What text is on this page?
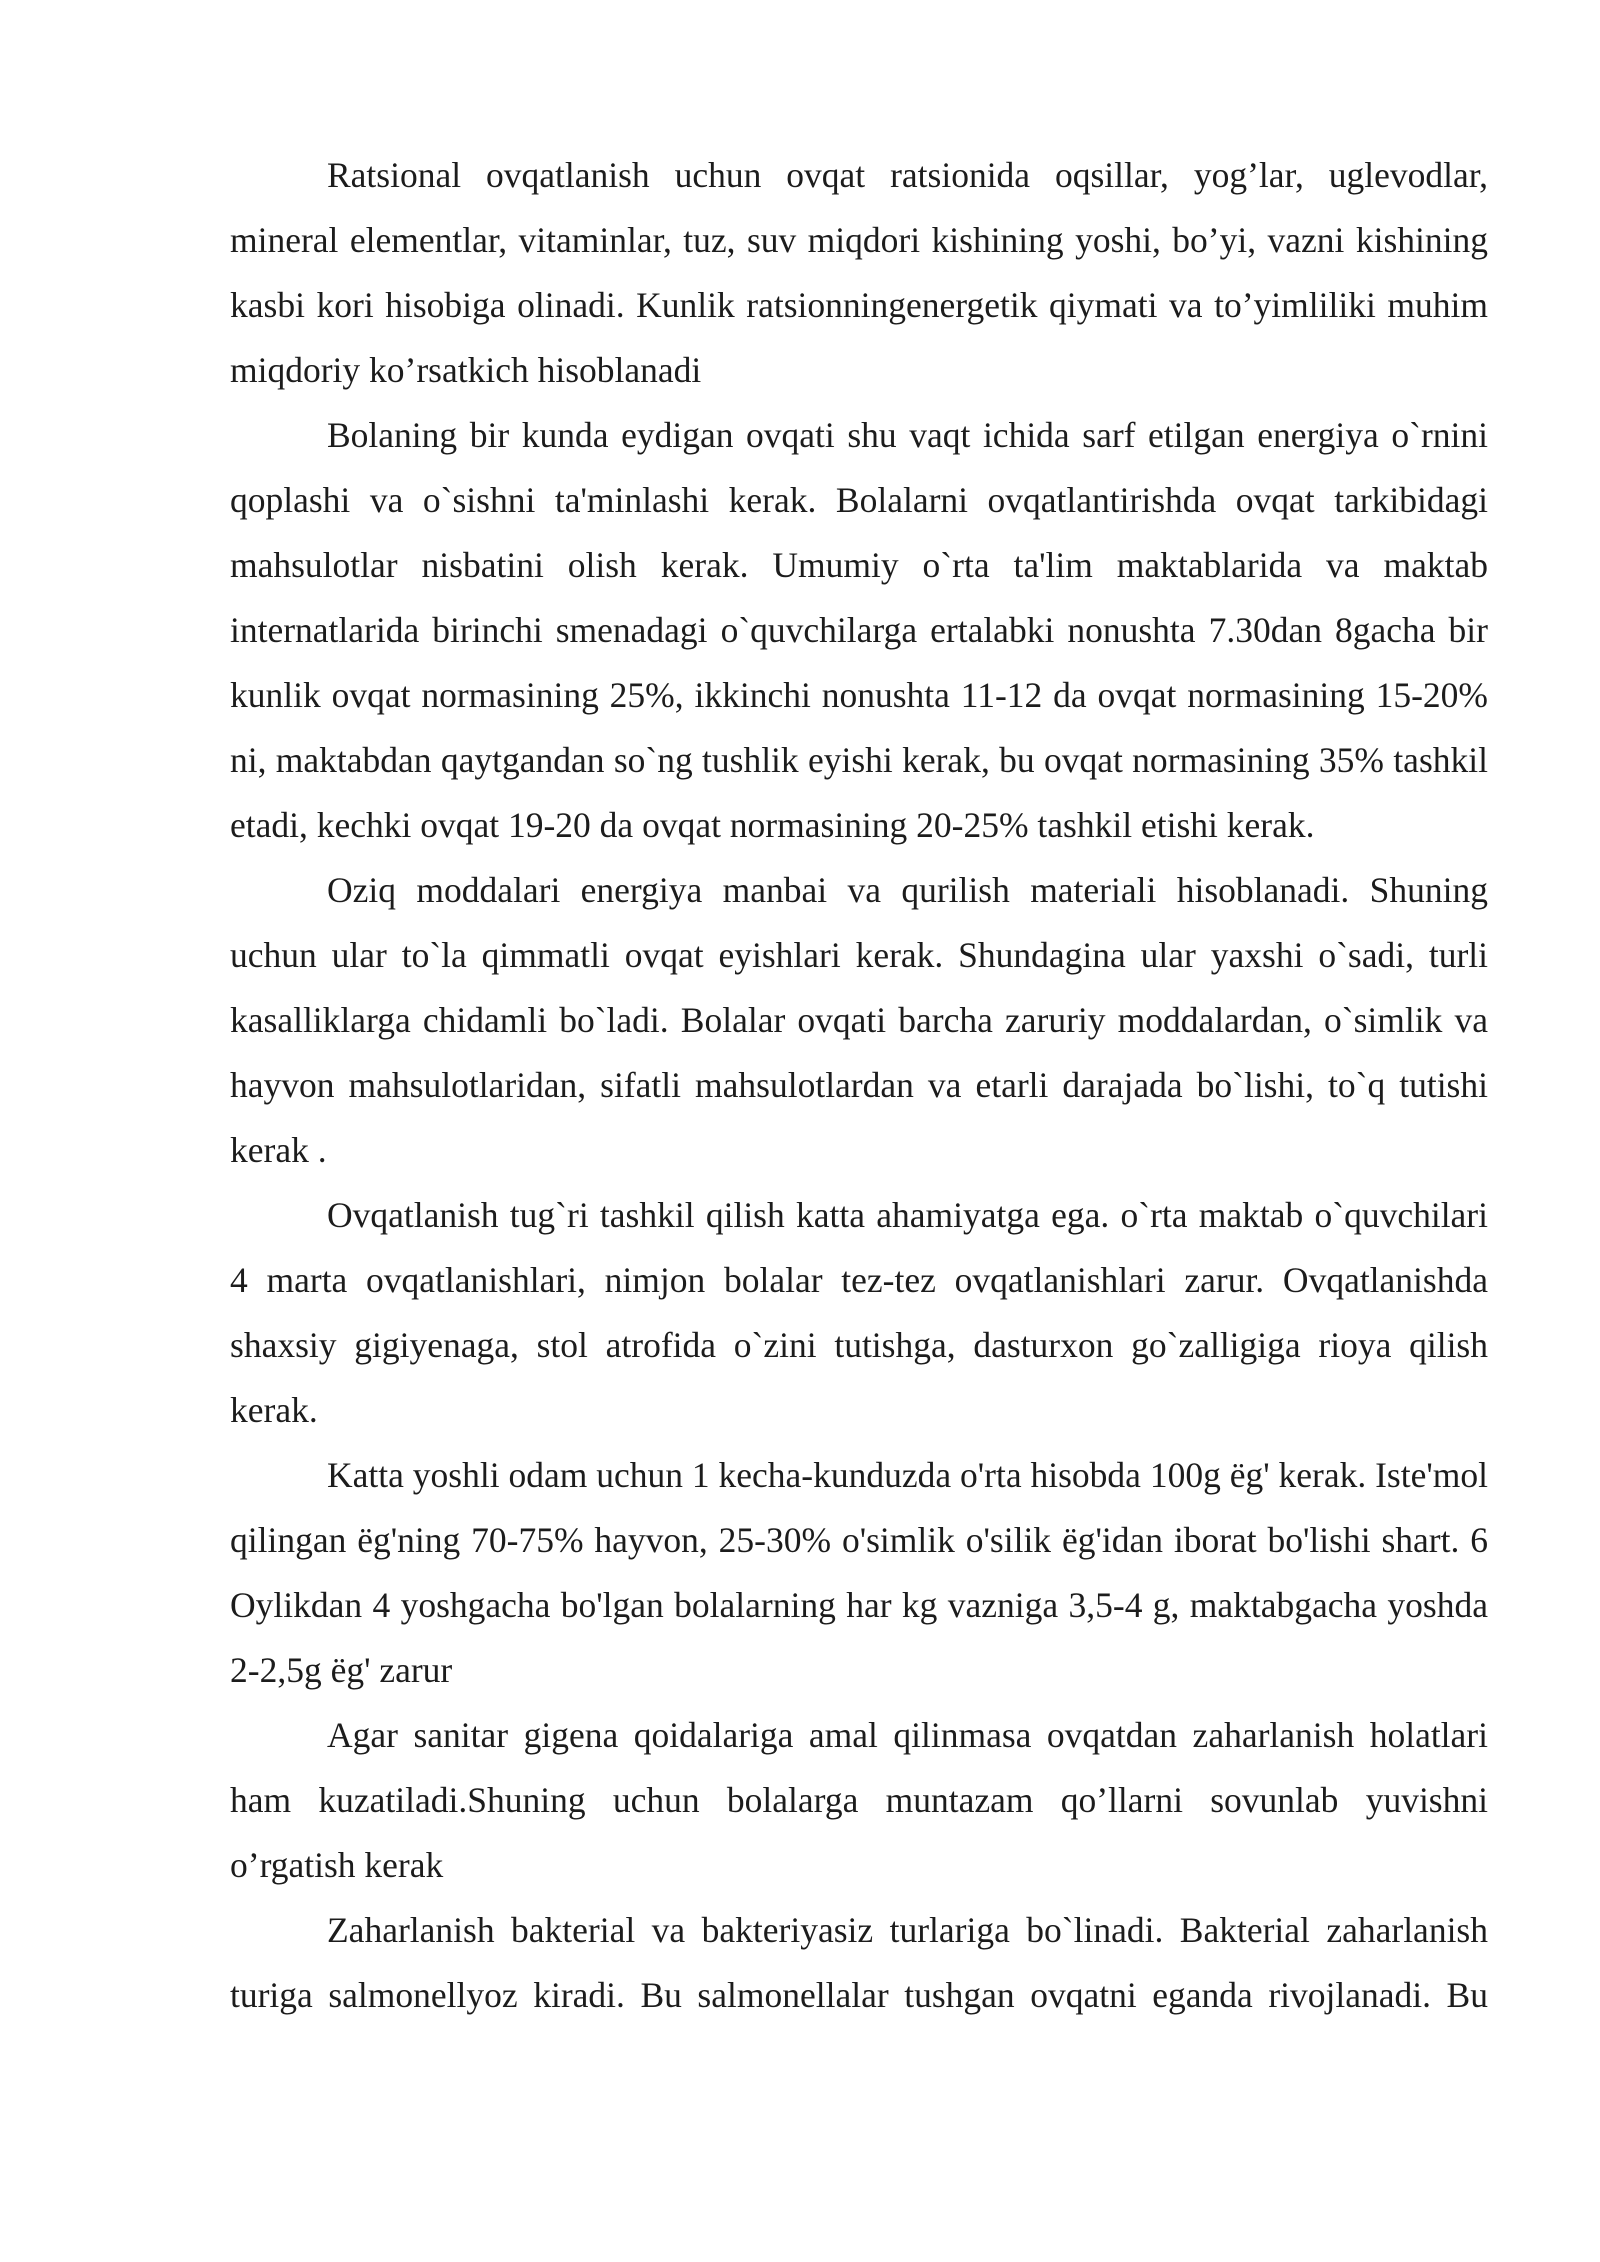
Ratsional ovqatlanish uchun ovqat ratsionida oqsillar, yog’lar, uglevodlar, mineral elementlar, vitaminlar, tuz, suv miqdori kishining yoshi, bo’yi, vazni kishining kasbi kori hisobiga olinadi. Kunlik ratsionningenergetik qiymati va to’yimliliki muhim miqdoriy ko’rsatkich hisoblanadi

Bolaning bir kunda eydigan ovqati shu vaqt ichida sarf etilgan energiya o`rnini qoplashi va o`sishni ta'minlashi kerak. Bolalarni ovqatlantirishda ovqat tarkibidagi mahsulotlar nisbatini olish kerak. Umumiy o`rta ta'lim maktablarida va maktab internatlarida birinchi smenadagi o`quvchilarga ertalabki nonushta 7.30dan 8gacha bir kunlik ovqat normasining 25%, ikkinchi nonushta 11-12 da ovqat normasining 15-20% ni, maktabdan qaytgandan so`ng tushlik eyishi kerak, bu ovqat normasining 35% tashkil etadi, kechki ovqat 19-20 da ovqat normasining 20-25% tashkil etishi kerak.

Oziq moddalari energiya manbai va qurilish materiali hisoblanadi. Shuning uchun ular to`la qimmatli ovqat eyishlari kerak. Shundagina ular yaxshi o`sadi, turli kasalliklarga chidamli bo`ladi. Bolalar ovqati barcha zaruriy moddalardan, o`simlik va hayvon mahsulotlaridan, sifatli mahsulotlardan va etarli darajada bo`lishi, to`q tutishi kerak .

Ovqatlanish tug`ri tashkil qilish katta ahamiyatga ega. o`rta maktab o`quvchilari 4 marta ovqatlanishlari, nimjon bolalar tez-tez ovqatlanishlari zarur. Ovqatlanishda shaxsiy gigiyenaga, stol atrofida o`zini tutishga, dasturxon go`zalligiga rioya qilish kerak.

Katta yoshli odam uchun 1 kecha-kunduzda o'rta hisobda 100g ёg' kerak. Iste'mol qilingan ёg'ning 70-75% hayvon, 25-30% o'simlik o'silik ёg'idan iborat bo'lishi shart. 6 Oylikdan 4 yoshgacha bo'lgan bolalarning har kg vazniga 3,5-4 g, maktabgacha yoshda 2-2,5g ёg' zarur

Agar sanitar gigena qoidalariga amal qilinmasa ovqatdan zaharlanish holatlari ham kuzatiladi.Shuning uchun bolalarga muntazam qo’llarni sovunlab yuvishni o’rgatish kerak

Zaharlanish bakterial va bakteriyasiz turlariga bo`linadi. Bakterial zaharlanish turiga salmonellyoz kiradi. Bu salmonellalar tushgan ovqatni eganda rivojlanadi. Bu
